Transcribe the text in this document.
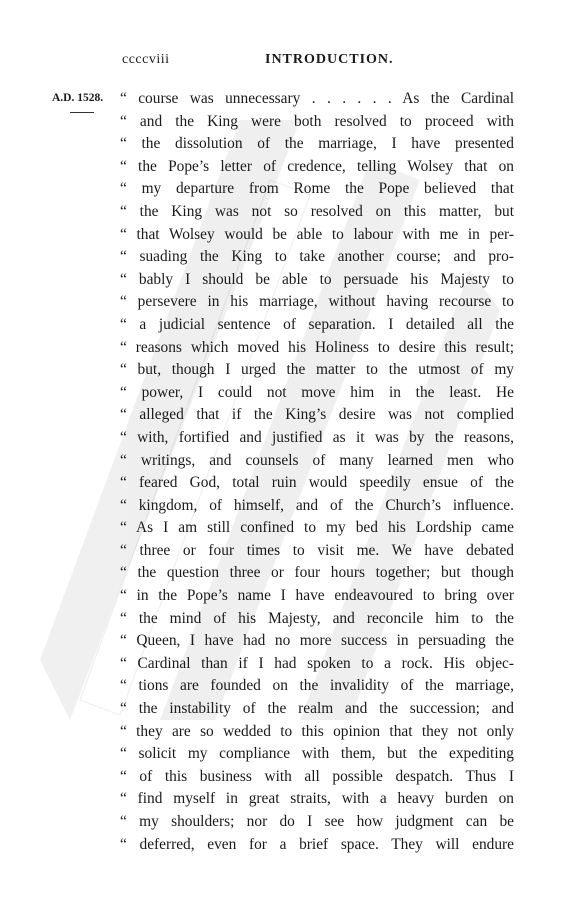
ccccviii	INTRODUCTION.
A.D. 1528. “ course was unnecessary . . . . . . As the Cardinal
“ and the King were both resolved to proceed with
“ the dissolution of the marriage, I have presented
“ the Pope’s letter of credence, telling Wolsey that on
“ my departure from Rome the Pope believed that
“ the King was not so resolved on this matter, but
“ that Wolsey would be able to labour with me in per-
“ suading the King to take another course; and pro-
“ bably I should be able to persuade his Majesty to
“ persevere in his marriage, without having recourse to
“ a judicial sentence of separation. I detailed all the
“ reasons which moved his Holiness to desire this result;
“ but, though I urged the matter to the utmost of my
“ power, I could not move him in the least. He
“ alleged that if the King’s desire was not complied
“ with, fortified and justified as it was by the reasons,
“ writings, and counsels of many learned men who
“ feared God, total ruin would speedily ensue of the
“ kingdom, of himself, and of the Church’s influence.
“ As I am still confined to my bed his Lordship came
“ three or four times to visit me. We have debated
“ the question three or four hours together; but though
“ in the Pope’s name I have endeavoured to bring over
“ the mind of his Majesty, and reconcile him to the
“ Queen, I have had no more success in persuading the
“ Cardinal than if I had spoken to a rock. His objec-
“ tions are founded on the invalidity of the marriage,
“ the instability of the realm and the succession; and
“ they are so wedded to this opinion that they not only
“ solicit my compliance with them, but the expediting
“ of this business with all possible despatch. Thus I
“ find myself in great straits, with a heavy burden on
“ my shoulders; nor do I see how judgment can be
“ deferred, even for a brief space. They will endure
